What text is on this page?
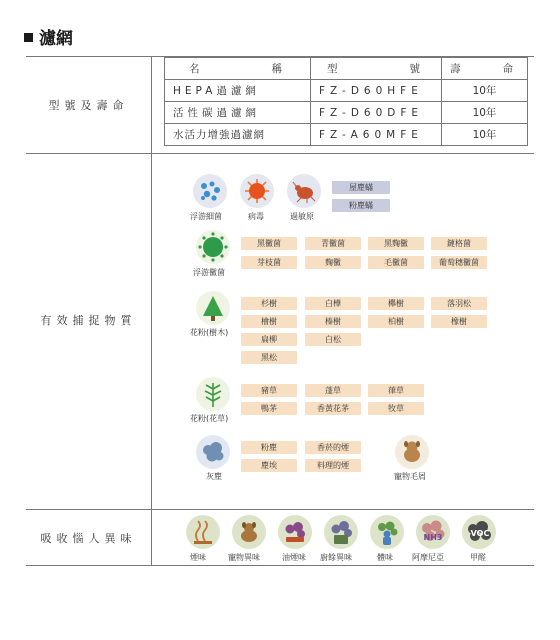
濾網
型號及壽命
名 稱	型 號	壽 命

HEPA過濾網	FZ-D60HFE	10年
活性碳過濾網	FZ-D60DFE	10年
水活力增強過濾網	FZ-A60MFE	10年
有效捕捉物質
吸收惱人異味
浮游細菌	病毒	過敏原
屋塵蟎
粉塵蟎
浮游黴菌
黑黴菌	青黴菌	黑麴黴	鏈格菌
芽枝菌	麴黴	毛黴菌	葡萄穗黴菌
花粉(樹木)
杉樹	白樺	櫸樹	落羽松
檜樹	榛樹	柏樹	橡樹
扁柳	白松
黑松
花粉(花草)
豬草	蓬草	葎草
鴨茅	香黃花茅	牧草
灰塵
粉塵	香菸的煙
塵埃	料理的煙
寵物毛屑
煙味	寵物異味	油煙味 廚餘異味	體味
NH3
阿摩尼亞
VOC
甲醛
